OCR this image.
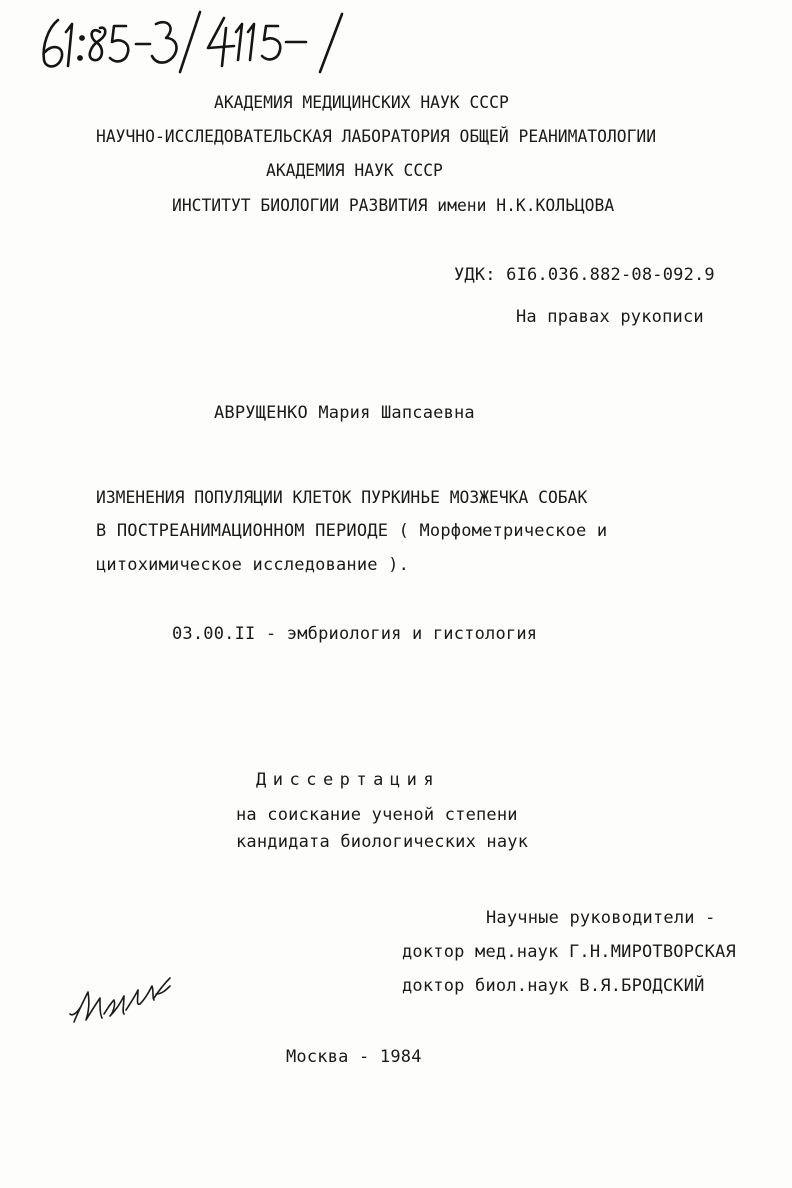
АКАДЕМИЯ МЕДИЦИНСКИХ НАУК СССР
НАУЧНО-ИССЛЕДОВАТЕЛЬСКАЯ ЛАБОРАТОРИЯ ОБЩЕЙ РЕАНИМАТОЛОГИИ
АКАДЕМИЯ НАУК СССР
ИНСТИТУТ БИОЛОГИИ РАЗВИТИЯ имени Н.К.КОЛЬЦОВА
УДК: 6I6.036.882-08-092.9
На правах рукописи
АВРУЩЕНКО Мария Шапсаевна
ИЗМЕНЕНИЯ ПОПУЛЯЦИИ КЛЕТОК ПУРКИНЬЕ МОЗЖЕЧКА СОБАК
В ПОСТРЕАНИМАЦИОННОМ ПЕРИОДЕ ( Морфометрическое и
цитохимическое исследование ).
03.00.II - эмбриология и гистология
Диссертация
на соискание ученой степени
кандидата биологических наук
Научные руководители -
доктор мед.наук Г.Н.МИРОТВОРСКАЯ
доктор биол.наук В.Я.БРОДСКИЙ
Москва - 1984
